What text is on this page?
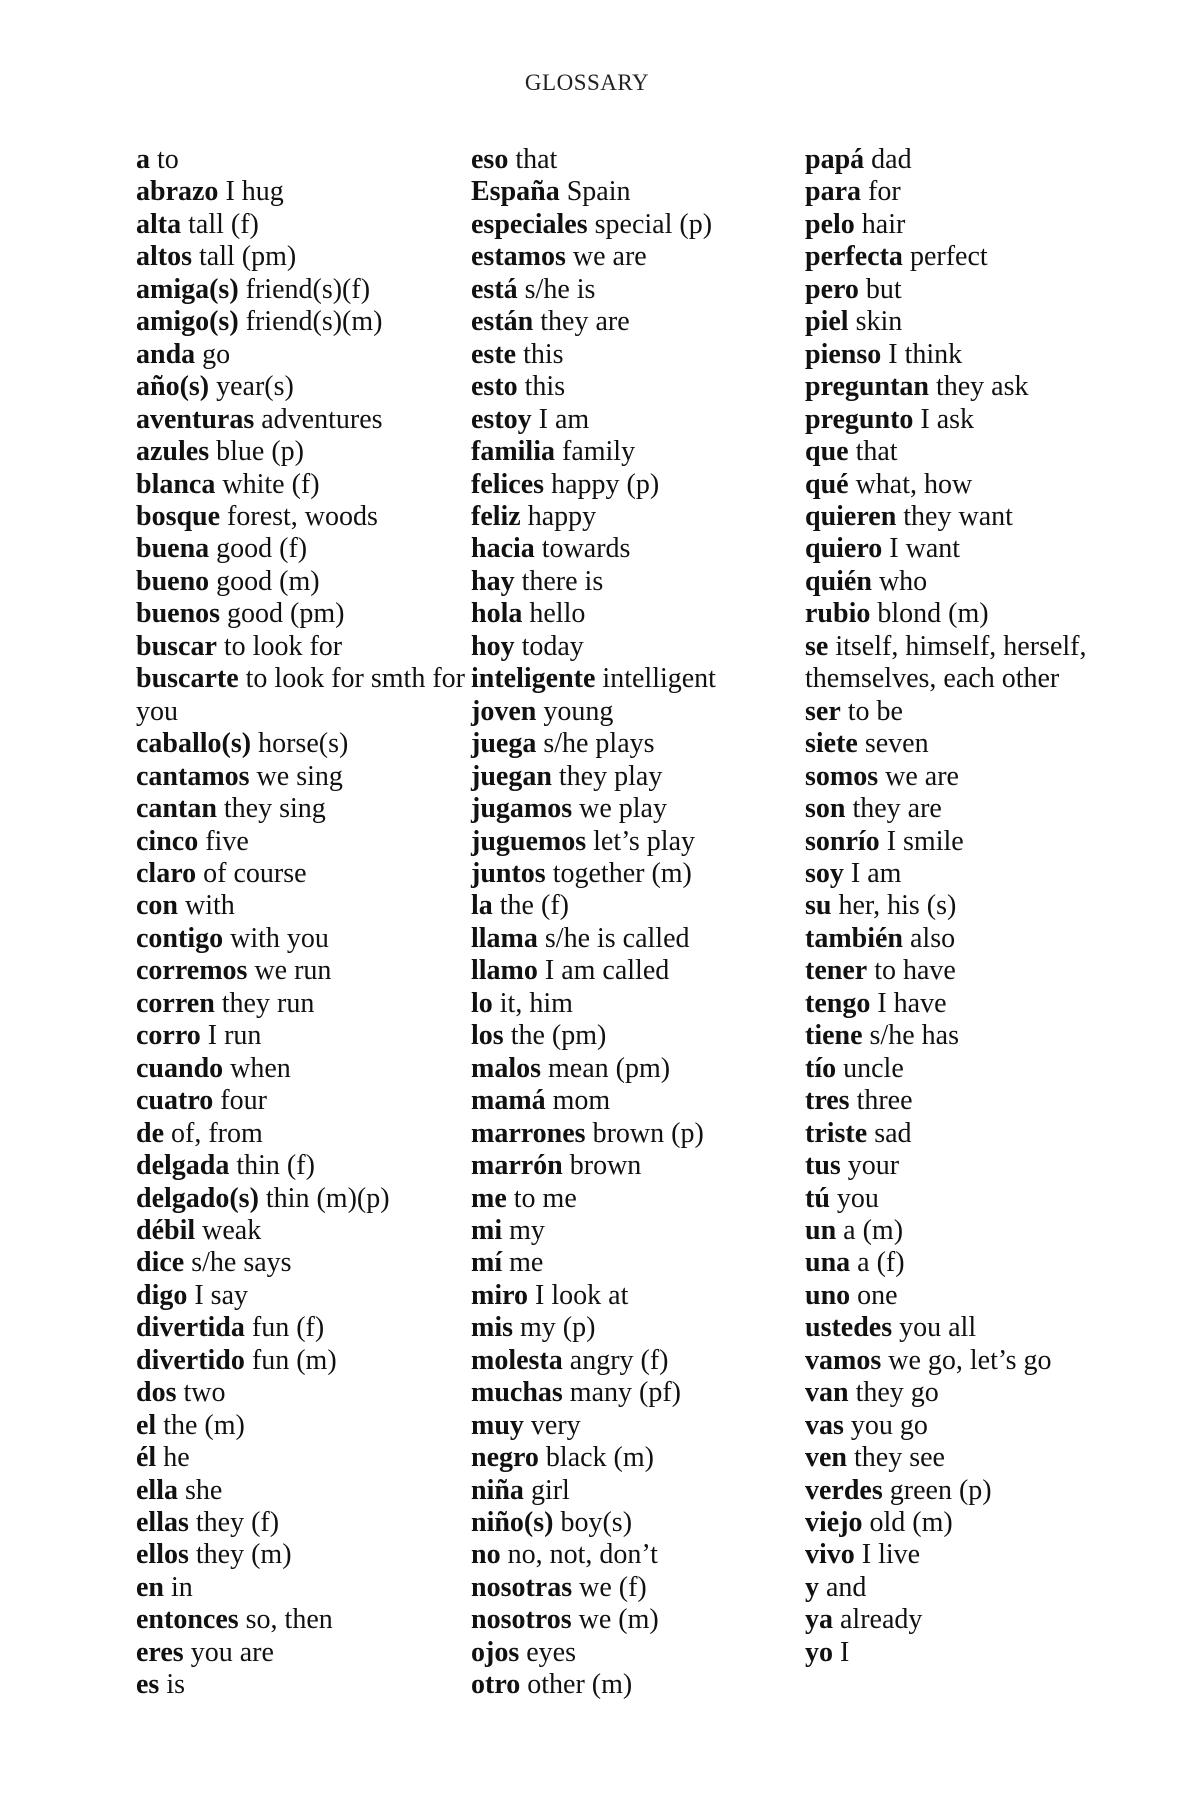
GLOSSARY
a to
abrazo I hug
alta tall (f)
altos tall (pm)
amiga(s) friend(s)(f)
amigo(s) friend(s)(m)
anda go
año(s) year(s)
aventuras adventures
azules blue (p)
blanca white (f)
bosque forest, woods
buena good (f)
bueno good (m)
buenos good (pm)
buscar to look for
buscarte to look for smth for you
caballo(s) horse(s)
cantamos we sing
cantan they sing
cinco five
claro of course
con with
contigo with you
corremos we run
corren they run
corro I run
cuando when
cuatro four
de of, from
delgada thin (f)
delgado(s) thin (m)(p)
débil weak
dice s/he says
digo I say
divertida fun (f)
divertido fun (m)
dos two
el the (m)
él he
ella she
ellas they (f)
ellos they (m)
en in
entonces so, then
eres you are
es is
eso that
España Spain
especiales special (p)
estamos we are
está s/he is
están they are
este this
esto this
estoy I am
familia family
felices happy (p)
feliz happy
hacia towards
hay there is
hola hello
hoy today
inteligente intelligent
joven young
juega s/he plays
juegan they play
jugamos we play
juguemos let’s play
juntos together (m)
la the (f)
llama s/he is called
llamo I am called
lo it, him
los the (pm)
malos mean (pm)
mamá mom
marrones brown (p)
marrón brown
me to me
mi my
mí me
miro I look at
mis my (p)
molesta angry (f)
muchas many (pf)
muy very
negro black (m)
niña girl
niño(s) boy(s)
no no, not, don’t
nosotras we (f)
nosotros we (m)
ojos eyes
otro other (m)
papá dad
para for
pelo hair
perfecta perfect
pero but
piel skin
pienso I think
preguntan they ask
pregunto I ask
que that
qué what, how
quieren they want
quiero I want
quién who
rubio blond (m)
se itself, himself, herself, themselves, each other
ser to be
siete seven
somos we are
son they are
sonrío I smile
soy I am
su her, his (s)
también also
tener to have
tengo I have
tiene s/he has
tío uncle
tres three
triste sad
tus your
tú you
un a (m)
una a (f)
uno one
ustedes you all
vamos we go, let’s go
van they go
vas you go
ven they see
verdes green (p)
viejo old (m)
vivo I live
y and
ya already
yo I
